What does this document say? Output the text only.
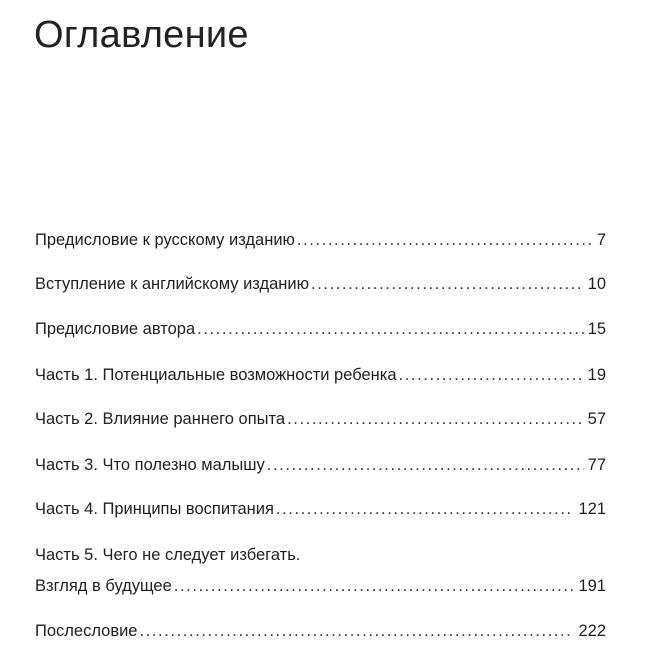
Оглавление
Предисловие к русскому изданию .....	7
Вступление к английскому изданию .....	10
Предисловие автора .....	15
Часть 1. Потенциальные возможности ребенка .....	19
Часть 2. Влияние раннего опыта .....	57
Часть 3. Что полезно малышу .....	77
Часть 4. Принципы воспитания .....	121
Часть 5. Чего не следует избегать.
Взгляд в будущее .....	191
Послесловие .....	222
